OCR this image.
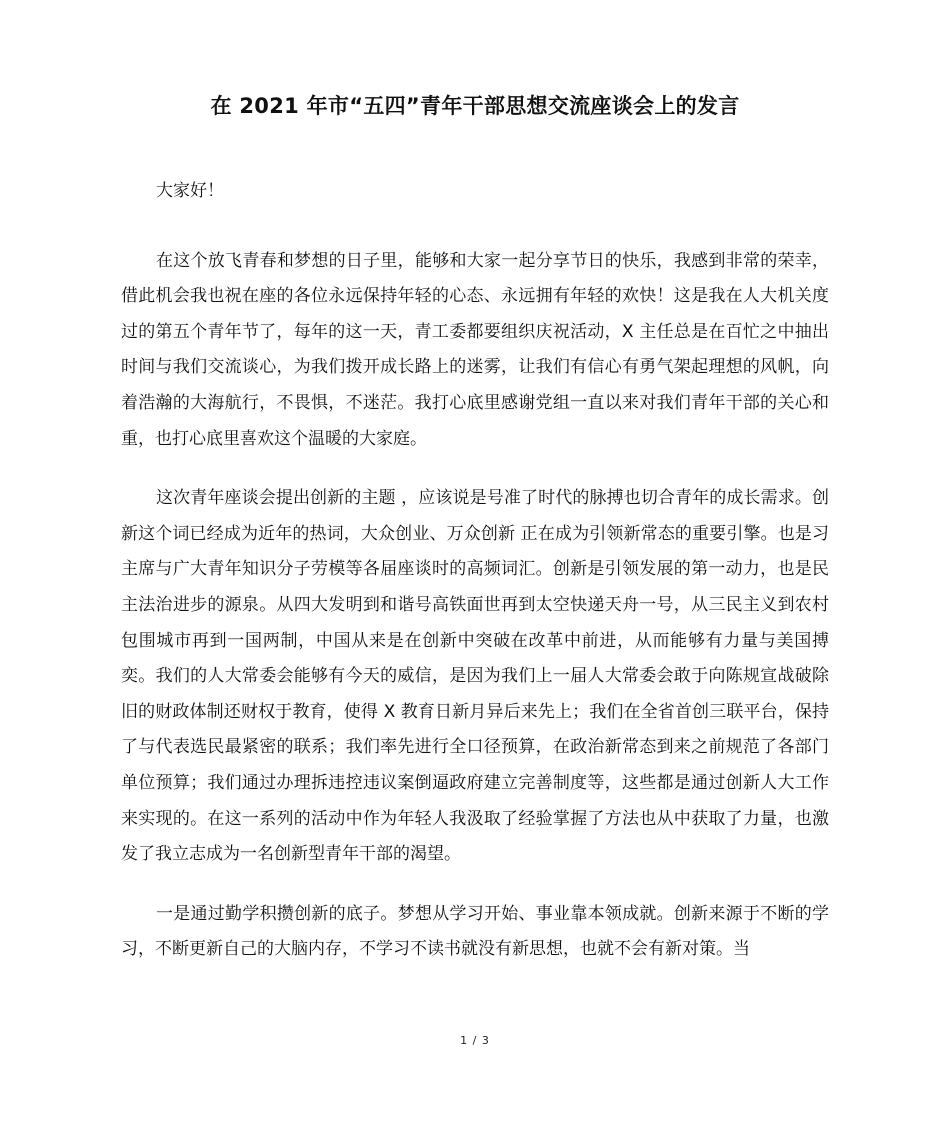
在 2021 年市“五四”青年干部思想交流座谈会上的发言

大家好！

在这个放飞青春和梦想的日子里，能够和大家一起分享节日的快乐，我感到非常的荣幸，借此机会我也祝在座的各位永远保持年轻的心态、永远拥有年轻的欢快！这是我在人大机关度过的第五个青年节了，每年的这一天，青工委都要组织庆祝活动，X 主任总是在百忙之中抽出时间与我们交流谈心，为我们拨开成长路上的迷雾，让我们有信心有勇气架起理想的风帆，向着浩瀚的大海航行，不畏惧，不迷茫。我打心底里感谢党组一直以来对我们青年干部的关心和重，也打心底里喜欢这个温暖的大家庭。

这次青年座谈会提出创新的主题 ，应该说是号准了时代的脉搏也切合青年的成长需求。创新这个词已经成为近年的热词，大众创业、万众创新 正在成为引领新常态的重要引擎。也是习主席与广大青年知识分子劳模等各届座谈时的高频词汇。创新是引领发展的第一动力，也是民主法治进步的源泉。从四大发明到和谐号高铁面世再到太空快递天舟一号，从三民主义到农村包围城市再到一国两制，中国从来是在创新中突破在改革中前进，从而能够有力量与美国搏奕。我们的人大常委会能够有今天的威信，是因为我们上一届人大常委会敢于向陈规宣战破除旧的财政体制还财权于教育，使得 X 教育日新月异后来先上；我们在全省首创三联平台，保持了与代表选民最紧密的联系；我们率先进行全口径预算，在政治新常态到来之前规范了各部门单位预算；我们通过办理拆违控违议案倒逼政府建立完善制度等，这些都是通过创新人大工作来实现的。在这一系列的活动中作为年轻人我汲取了经验掌握了方法也从中获取了力量，也激发了我立志成为一名创新型青年干部的渴望。

一是通过勤学积攒创新的底子。梦想从学习开始、事业靠本领成就。创新来源于不断的学习，不断更新自己的大脑内存，不学习不读书就没有新思想，也就不会有新对策。当

1 / 3
